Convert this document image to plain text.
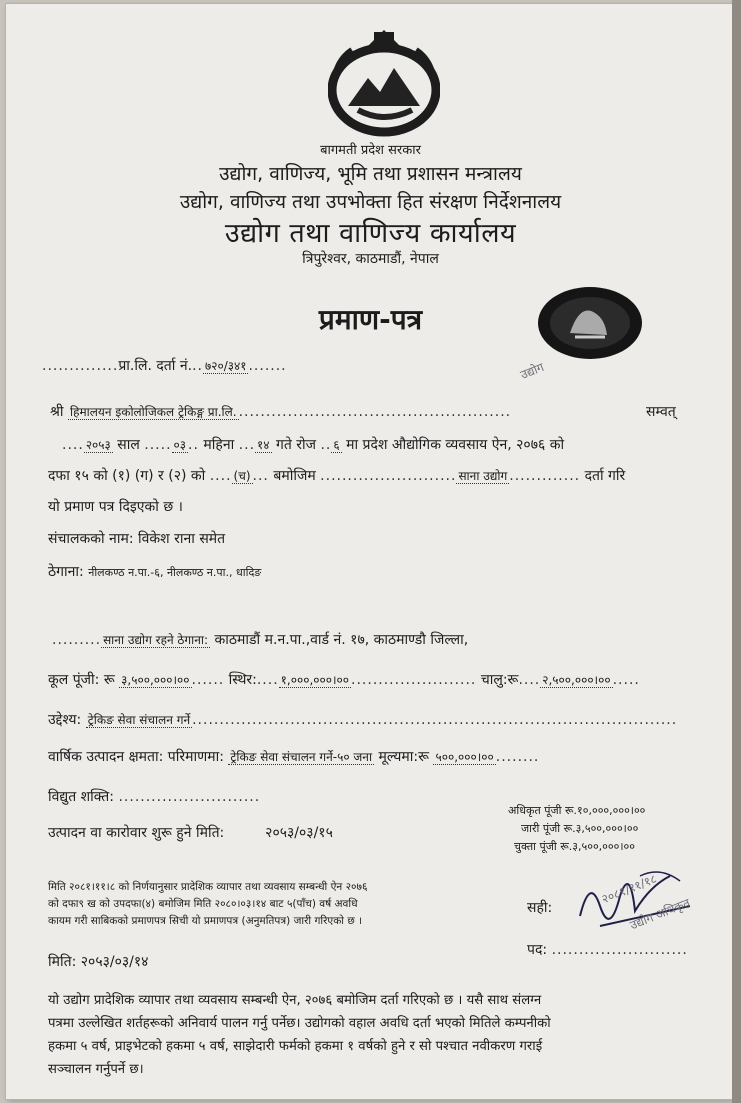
बागमती प्रदेश सरकार
उद्योग, वाणिज्य, भूमि तथा प्रशासन मन्त्रालय
उद्योग, वाणिज्य तथा उपभोक्ता हित संरक्षण निर्देशनालय
उद्योग तथा वाणिज्य कार्यालय
त्रिपुरेश्वर, काठमाडौं, नेपाल
प्रमाण-पत्र
उद्योग
..............प्रा.लि. दर्ता नं... ७२०/३४१ .......
श्री हिमालयन इकोलोजिकल ट्रेकिङ्ग प्रा.लि. ..................................................	सम्वत्
.... २०५३ साल ..... ०३ .. महिना ... १४ गते रोज .. ६ मा प्रदेश औद्योगिक व्यवसाय ऐन, २०७६ को
दफा १५ को (१) (ग) र (२) को .... (च) ... बमोजिम ......................... साना उद्योग ............. दर्ता गरि
यो प्रमाण पत्र दिइएको छ ।
संचालकको नाम: विकेश राना समेत
ठेगाना: नीलकण्ठ न.पा.-६, नीलकण्ठ न.पा., धादिङ
......... साना उद्योग रहने ठेगाना: काठमाडौं म.न.पा.,वार्ड नं. १७, काठमाण्डौ जिल्ला,
कूल पूंजी: रू ३,५००,०००।०० ...... स्थिर:.... १,०००,०००।०० ....................... चालु:रू.... २,५००,०००।०० .....
उद्देश्य: ट्रेकिङ सेवा संचालन गर्ने .........................................................................................
वार्षिक उत्पादन क्षमता: परिमाणमा: ट्रेकिङ सेवा संचालन गर्ने-५० जना मूल्यमा:रू ५००,०००।०० ........
विद्युत शक्ति: ..........................
अधिकृत पूंजी रू.१०,०००,०००।००
जारी पूंजी रू.३,५००,०००।००
चुक्ता पूंजी रू.३,५००,०००।००
उत्पादन वा कारोवार शुरू हुने मिति:	२०५३/०३/१५
मिति २०८१।११।८ को निर्णयानुसार प्रादेशिक व्यापार तथा व्यवसाय सम्बन्धी ऐन २०७६
को दफा९ ख को उपदफा(४) बमोजिम मिति २०८०।०३।१४ बाट ५(पाँच) वर्ष अवधि
कायम गरी साबिकको प्रमाणपत्र सिची यो प्रमाणपत्र (अनुमतिपत्र) जारी गरिएको छ ।
सही:
२०८१/११/१८
उद्योग अधिकृत
पद: .........................
मिति: २०५३/०३/१४
यो उद्योग प्रादेशिक व्यापार तथा व्यवसाय सम्बन्धी ऐन, २०७६ बमोजिम दर्ता गरिएको छ । यसै साथ संलग्न
पत्रमा उल्लेखित शर्तहरूको अनिवार्य पालन गर्नु पर्नेछ। उद्योगको वहाल अवधि दर्ता भएको मितिले कम्पनीको
हकमा ५ वर्ष, प्राइभेटको हकमा ५ वर्ष, साझेदारी फर्मको हकमा १ वर्षको हुने र सो पश्चात नवीकरण गराई
सञ्चालन गर्नुपर्ने छ।
